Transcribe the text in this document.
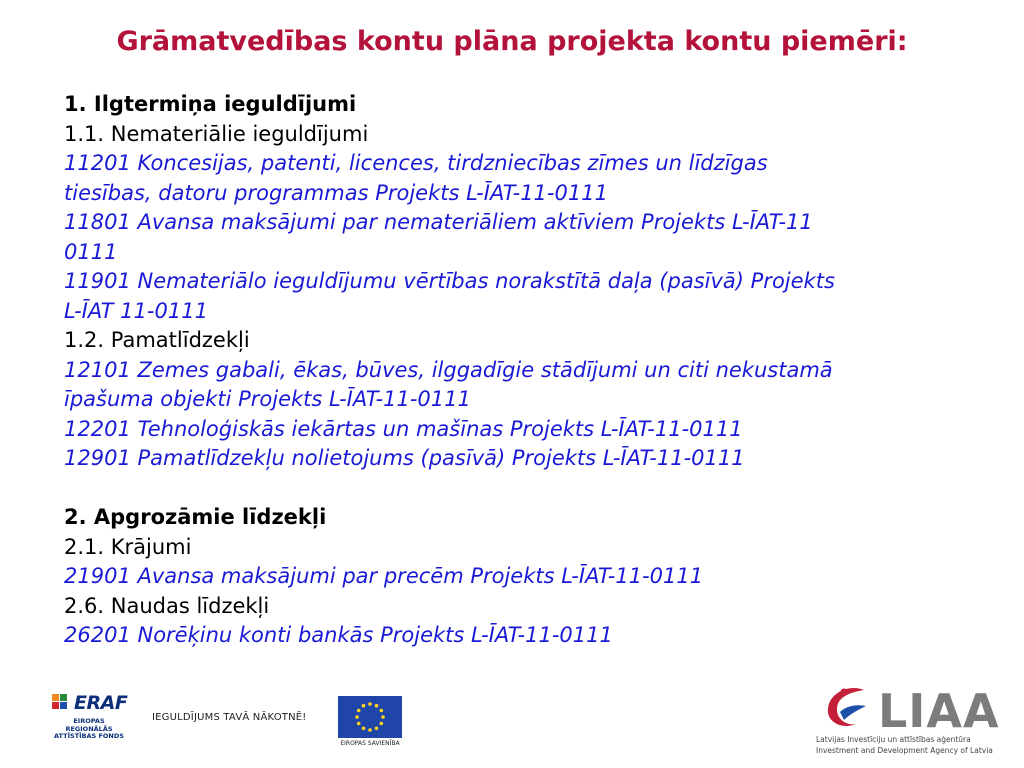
Grāmatvedības kontu plāna projekta kontu piemēri:

1. Ilgtermiņa ieguldījumi

1.1. Nemateriālie ieguldījumi

11201 Koncesijas, patenti, licences, tirdzniecības zīmes un līdzīgas

tiesības, datoru programmas Projekts L-ĪAT-11-0111

11801 Avansa maksājumi par nemateriāliem aktīviem Projekts L-ĪAT-11

0111

11901 Nemateriālo ieguldījumu vērtības norakstītā daļa (pasīvā) Projekts

L-ĪAT 11-0111

1.2. Pamatlīdzekļi

12101 Zemes gabali, ēkas, būves, ilggadīgie stādījumi un citi nekustamā

īpašuma objekti Projekts L-ĪAT-11-0111

12201 Tehnoloģiskās iekārtas un mašīnas Projekts L-ĪAT-11-0111

12901 Pamatlīdzekļu nolietojums (pasīvā) Projekts L-ĪAT-11-0111

2. Apgrozāmie līdzekļi

2.1. Krājumi

21901 Avansa maksājumi par precēm Projekts L-ĪAT-11-0111

2.6. Naudas līdzekļi

26201 Norēķinu konti bankās Projekts L-ĪAT-11-0111

ERAF
EIROPAS REĢIONĀLĀS ATTĪSTĪBAS FONDS
IEGULDĪJUMS TAVĀ NĀKOTNĒ!
EIROPAS SAVIENĪBA
LIAA
Latvijas Investīciju un attīstības aģentūra
Investment and Development Agency of Latvia
